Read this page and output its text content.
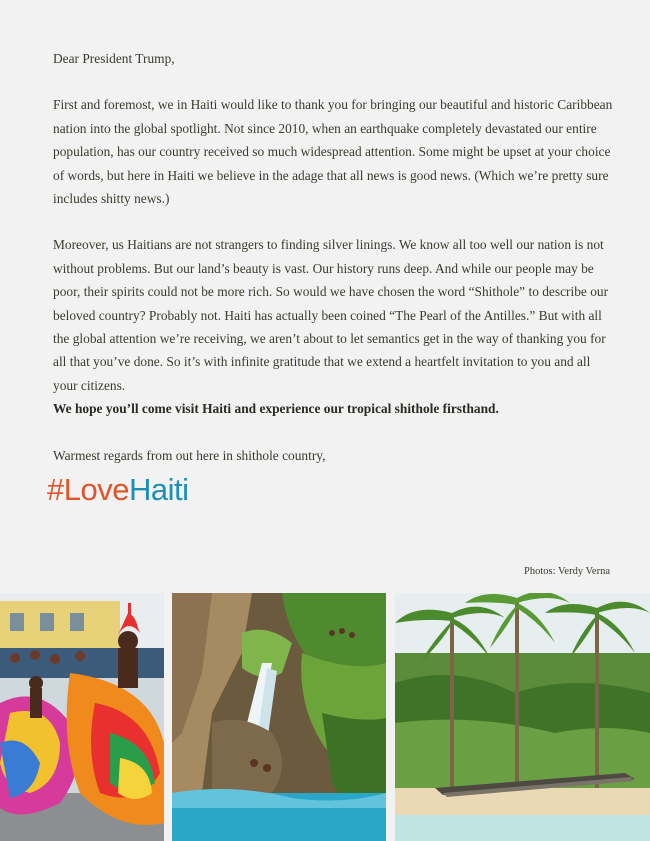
Dear President Trump,

First and foremost, we in Haiti would like to thank you for bringing our beautiful and historic Caribbean nation into the global spotlight. Not since 2010, when an earthquake completely devastated our entire population, has our country received so much widespread attention. Some might be upset at your choice of words, but here in Haiti we believe in the adage that all news is good news. (Which we’re pretty sure includes shitty news.)

Moreover, us Haitians are not strangers to finding silver linings. We know all too well our nation is not without problems. But our land’s beauty is vast. Our history runs deep. And while our people may be poor, their spirits could not be more rich. So would we have chosen the word “Shithole” to describe our beloved country? Probably not. Haiti has actually been coined “The Pearl of the Antilles.” But with all the global attention we’re receiving, we aren’t about to let semantics get in the way of thanking you for all that you’ve done. So it’s with infinite gratitude that we extend a heartfelt invitation to you and all your citizens.
We hope you’ll come visit Haiti and experience our tropical shithole firsthand.

Warmest regards from out here in shithole country,

#LoveHaiti
Photos: Verdy Verna
